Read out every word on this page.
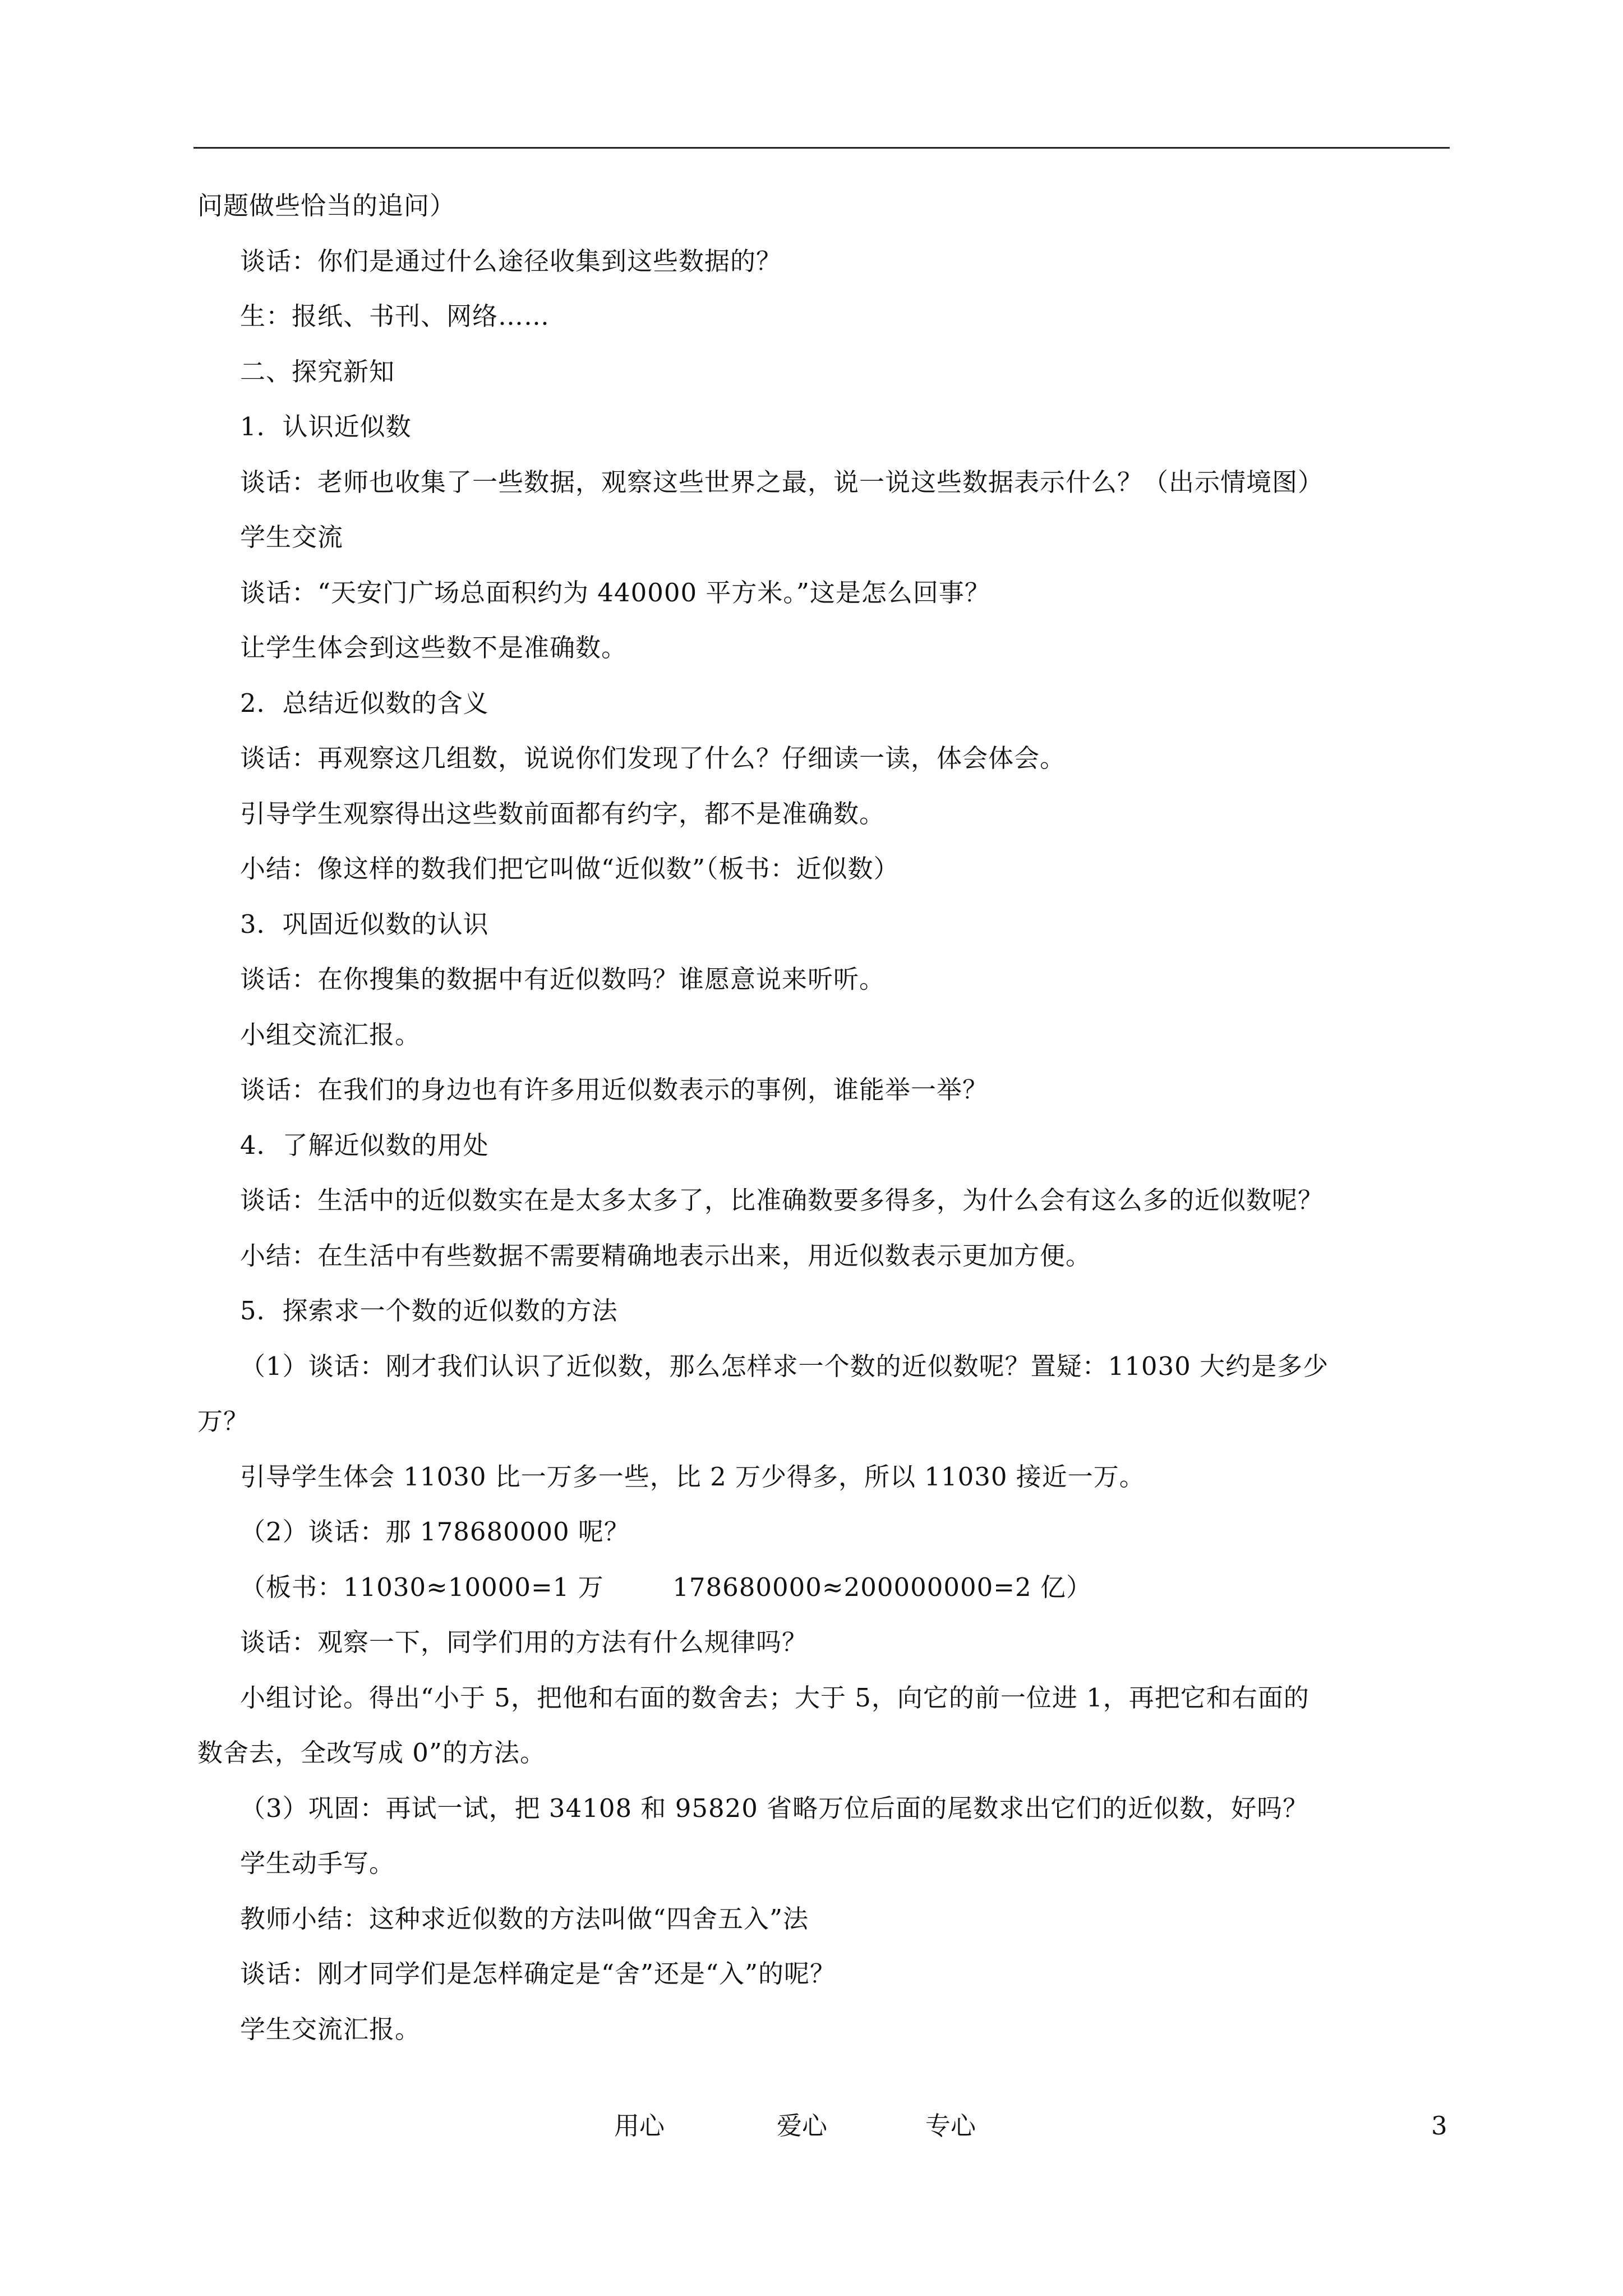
问题做些恰当的追问）
谈话：你们是通过什么途径收集到这些数据的？
生：报纸、书刊、网络……
二、探究新知
1．认识近似数
谈话：老师也收集了一些数据，观察这些世界之最，说一说这些数据表示什么？（出示情境图）
学生交流
谈话：“天安门广场总面积约为 440000 平方米。”这是怎么回事？
让学生体会到这些数不是准确数。
2．总结近似数的含义
谈话：再观察这几组数，说说你们发现了什么？仔细读一读，体会体会。
引导学生观察得出这些数前面都有约字，都不是准确数。
小结：像这样的数我们把它叫做“近似数”（板书：近似数）
3．巩固近似数的认识
谈话：在你搜集的数据中有近似数吗？谁愿意说来听听。
小组交流汇报。
谈话：在我们的身边也有许多用近似数表示的事例，谁能举一举？
4．了解近似数的用处
谈话：生活中的近似数实在是太多太多了，比准确数要多得多，为什么会有这么多的近似数呢？
小结：在生活中有些数据不需要精确地表示出来，用近似数表示更加方便。
5．探索求一个数的近似数的方法
（1）谈话：刚才我们认识了近似数，那么怎样求一个数的近似数呢？置疑：11030 大约是多少
万？
引导学生体会 11030 比一万多一些，比 2 万少得多，所以 11030 接近一万。
（2）谈话：那 178680000 呢？
（板书：11030≈10000=1 万 　　 178680000≈200000000=2 亿）
谈话：观察一下，同学们用的方法有什么规律吗？
小组讨论。得出“小于 5，把他和右面的数舍去；大于 5，向它的前一位进 1，再把它和右面的
数舍去，全改写成 0”的方法。
（3）巩固：再试一试，把 34108 和 95820 省略万位后面的尾数求出它们的近似数，好吗？
学生动手写。
教师小结：这种求近似数的方法叫做“四舍五入”法
谈话：刚才同学们是怎样确定是“舍”还是“入”的呢？
学生交流汇报。
用心	爱心	专心	3
